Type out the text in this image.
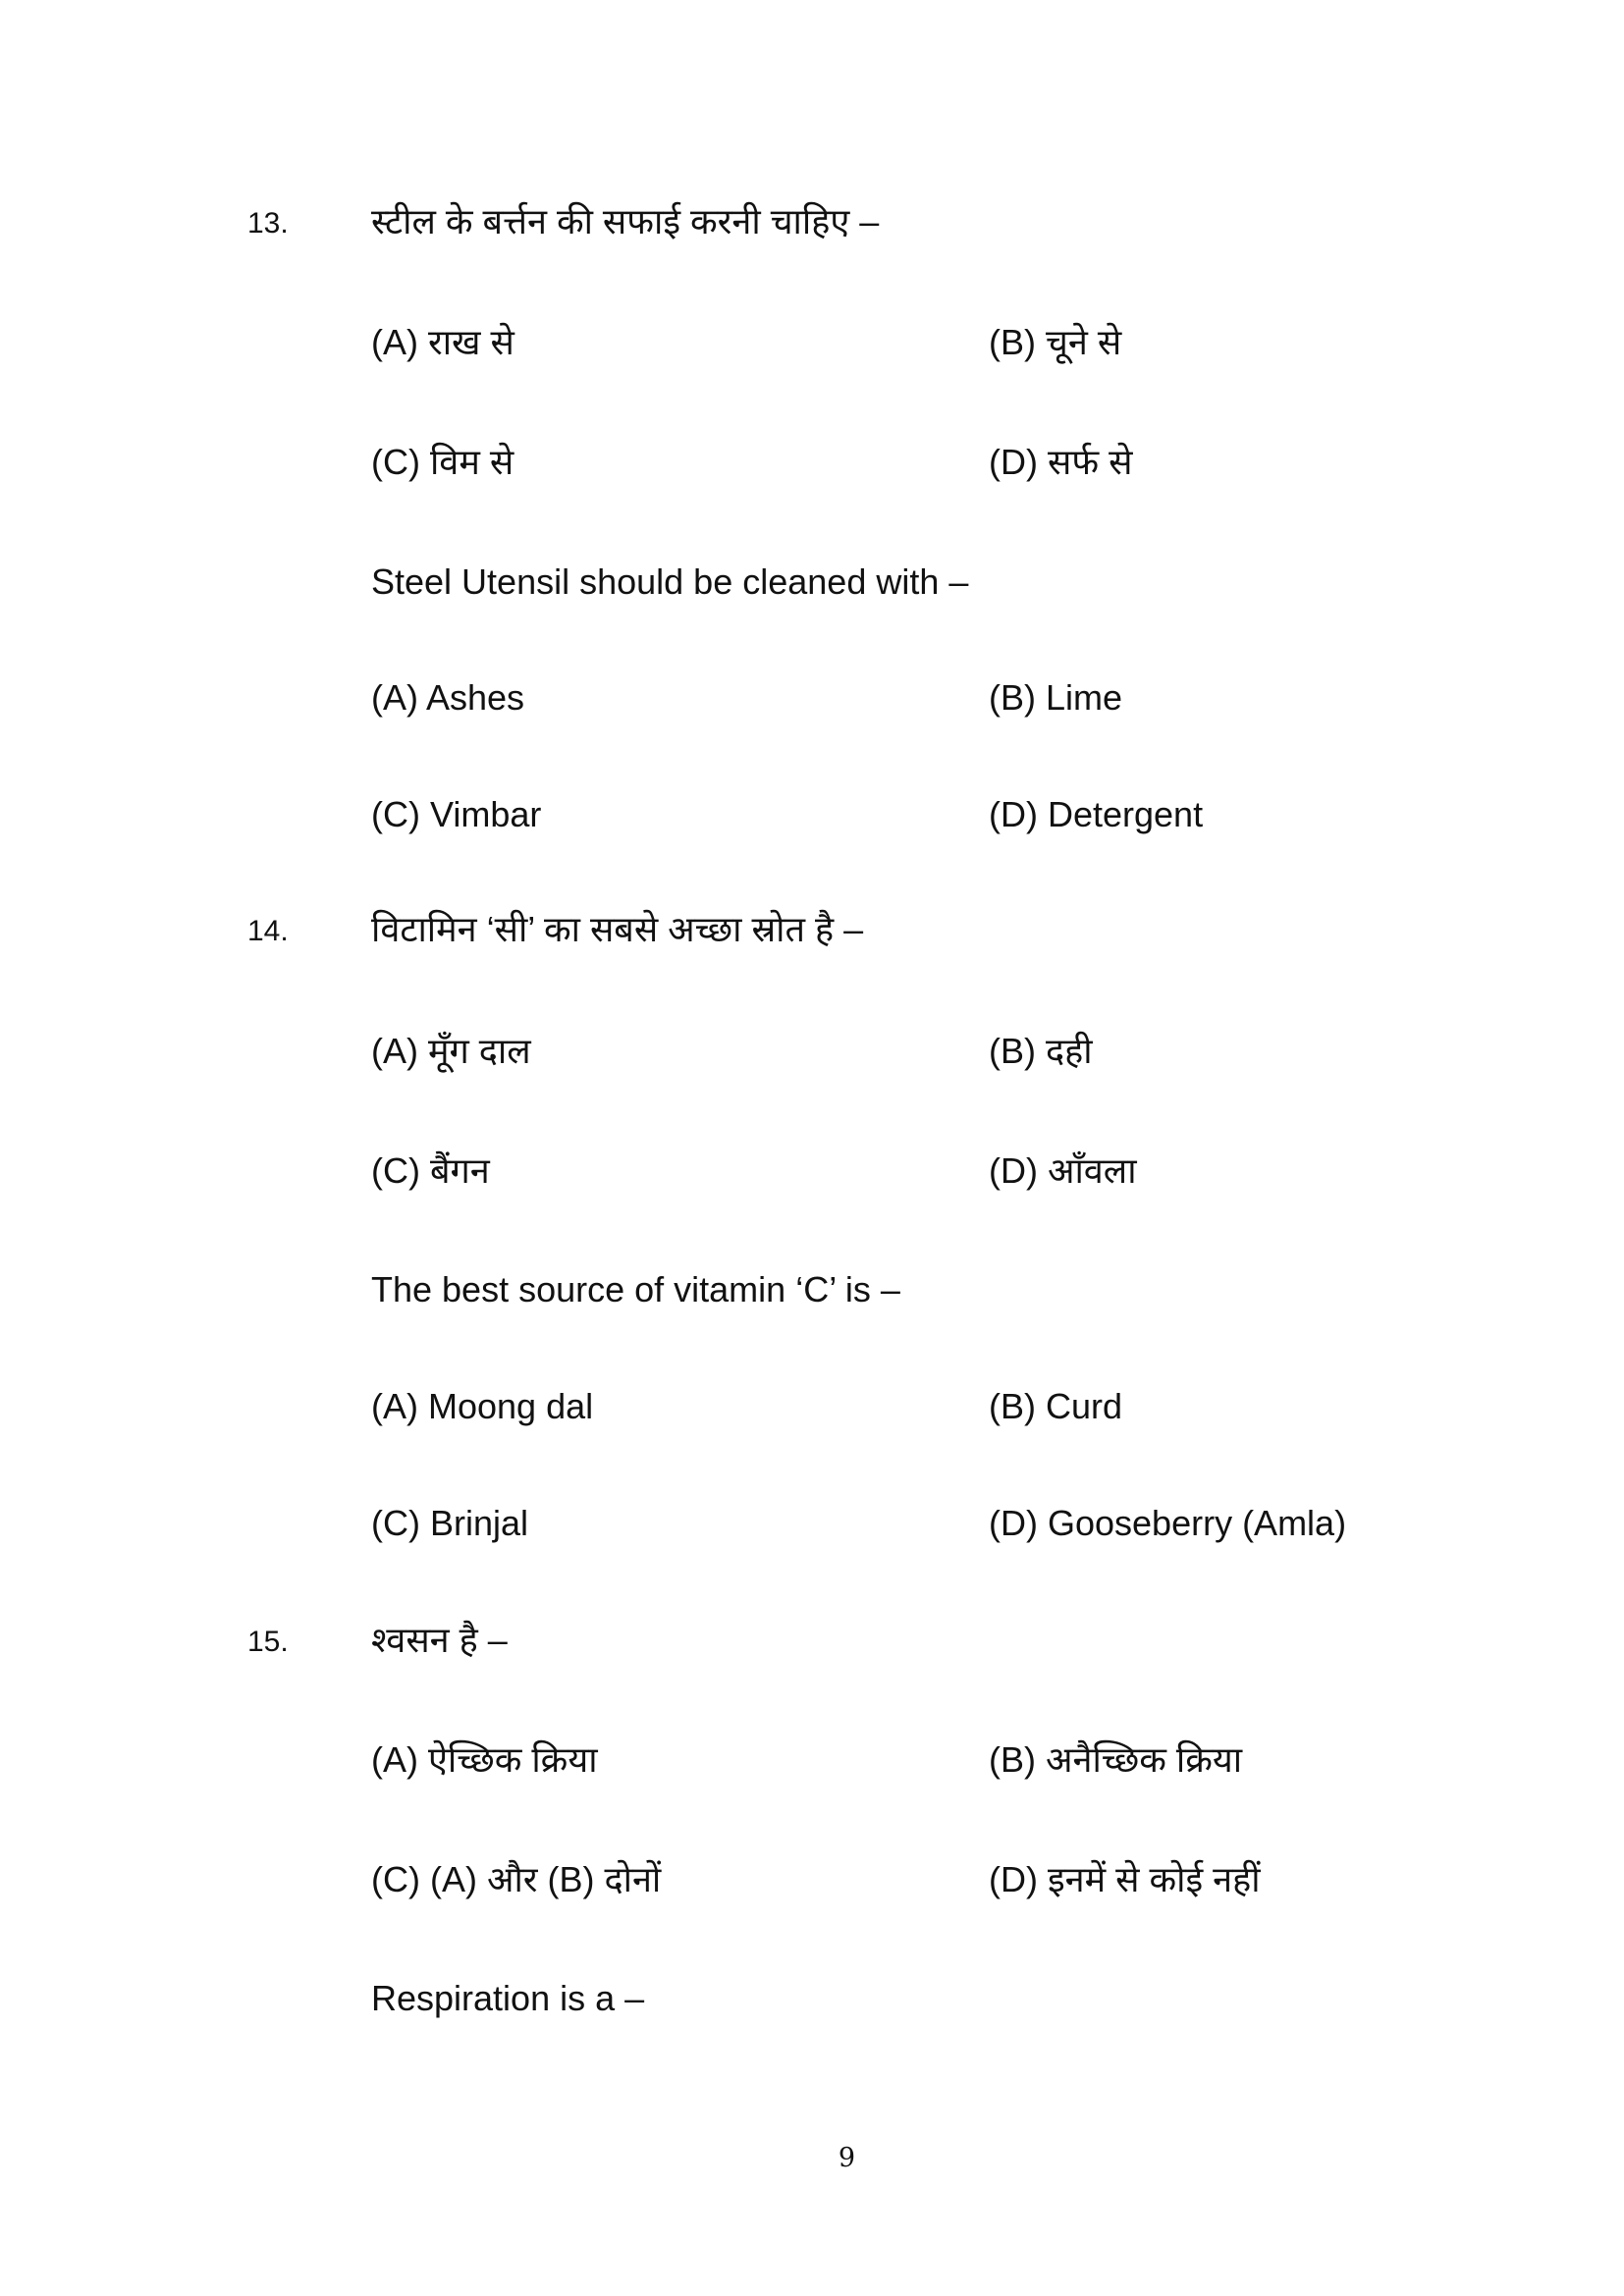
13. स्टील के बर्त्तन की सफाई करनी चाहिए –
(A) राख से	(B) चूने से
(C) विम से	(D) सर्फ से
Steel Utensil should be cleaned with –
(A) Ashes	(B) Lime
(C) Vimbar	(D) Detergent
14. विटामिन ‘सी’ का सबसे अच्छा स्रोत है –
(A) मूँग दाल	(B) दही
(C) बैंगन	(D) आँवला
The best source of vitamin ‘C’ is –
(A) Moong dal	(B) Curd
(C) Brinjal	(D) Gooseberry (Amla)
15. श्वसन है –
(A) ऐच्छिक क्रिया	(B) अनैच्छिक क्रिया
(C) (A) और (B) दोनों	(D) इनमें से कोई नहीं
Respiration is a –
9
